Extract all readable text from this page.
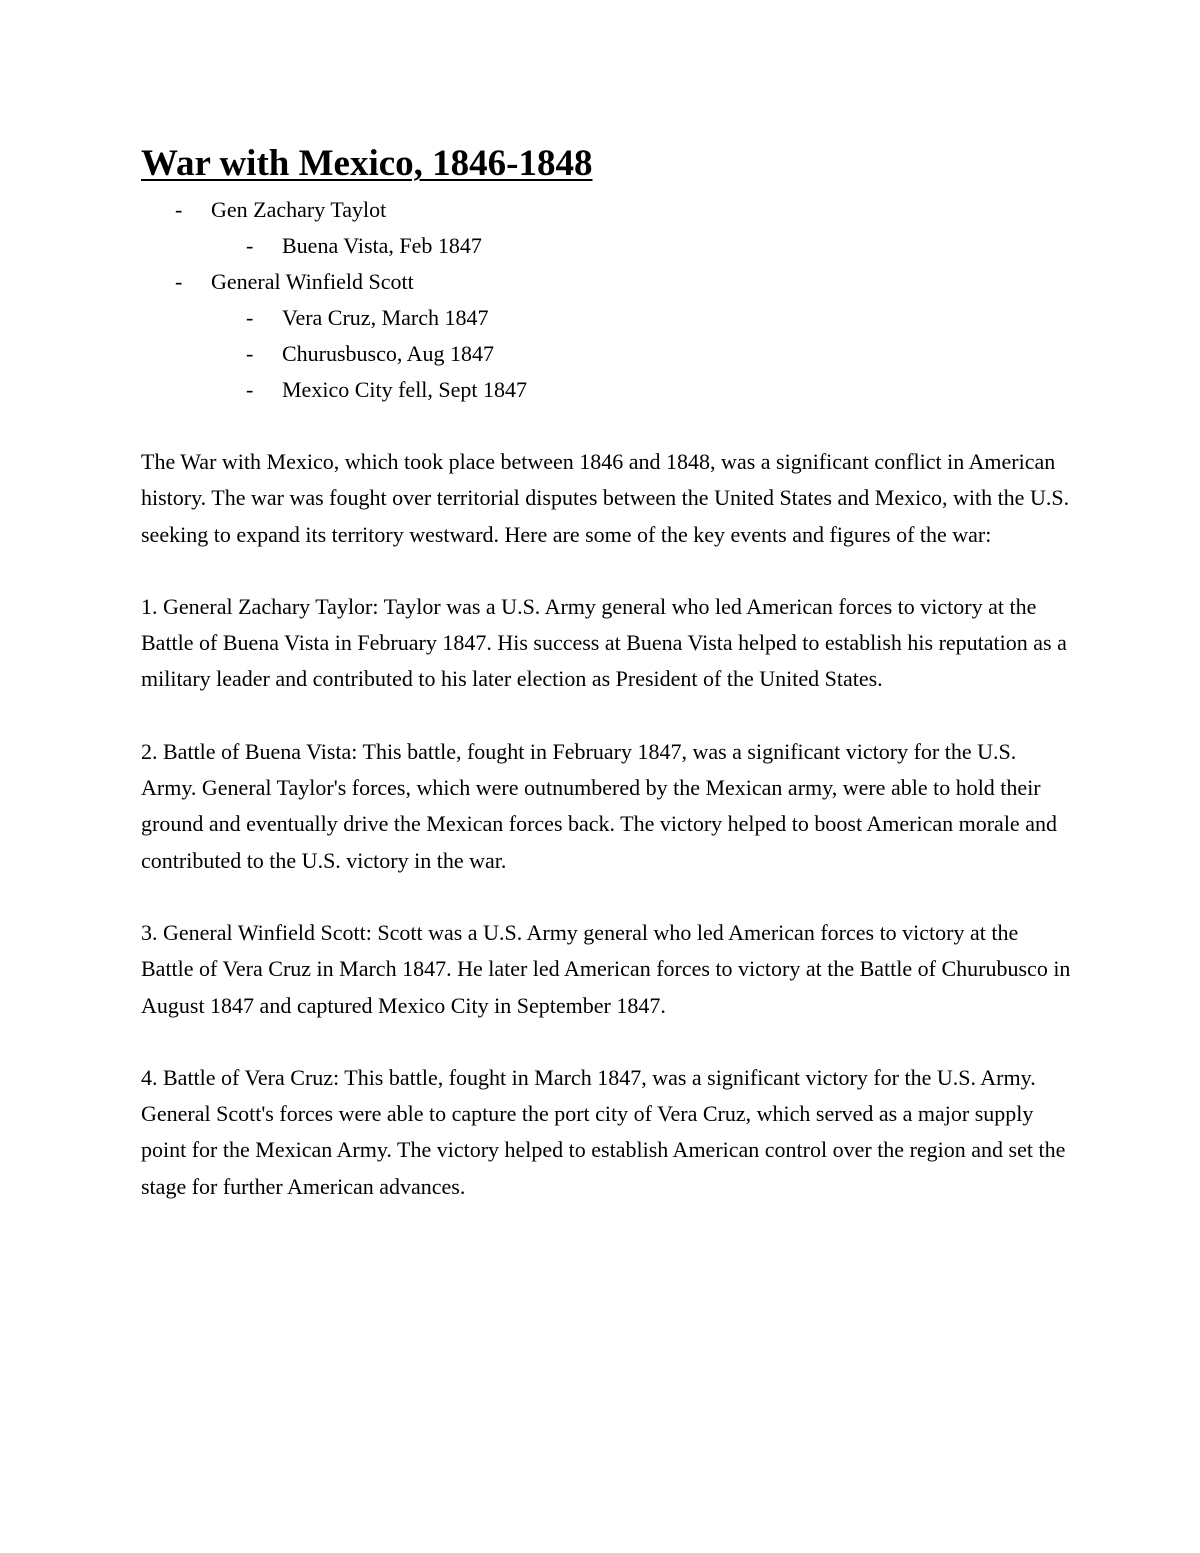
War with Mexico, 1846-1848
- Gen Zachary Taylot
- Buena Vista, Feb 1847
- General Winfield Scott
- Vera Cruz, March 1847
- Churusbusco, Aug 1847
- Mexico City fell, Sept 1847

The War with Mexico, which took place between 1846 and 1848, was a significant conflict in American history. The war was fought over territorial disputes between the United States and Mexico, with the U.S. seeking to expand its territory westward. Here are some of the key events and figures of the war:

1. General Zachary Taylor: Taylor was a U.S. Army general who led American forces to victory at the Battle of Buena Vista in February 1847. His success at Buena Vista helped to establish his reputation as a military leader and contributed to his later election as President of the United States.

2. Battle of Buena Vista: This battle, fought in February 1847, was a significant victory for the U.S. Army. General Taylor's forces, which were outnumbered by the Mexican army, were able to hold their ground and eventually drive the Mexican forces back. The victory helped to boost American morale and contributed to the U.S. victory in the war.

3. General Winfield Scott: Scott was a U.S. Army general who led American forces to victory at the Battle of Vera Cruz in March 1847. He later led American forces to victory at the Battle of Churubusco in August 1847 and captured Mexico City in September 1847.

4. Battle of Vera Cruz: This battle, fought in March 1847, was a significant victory for the U.S. Army. General Scott's forces were able to capture the port city of Vera Cruz, which served as a major supply point for the Mexican Army. The victory helped to establish American control over the region and set the stage for further American advances.
